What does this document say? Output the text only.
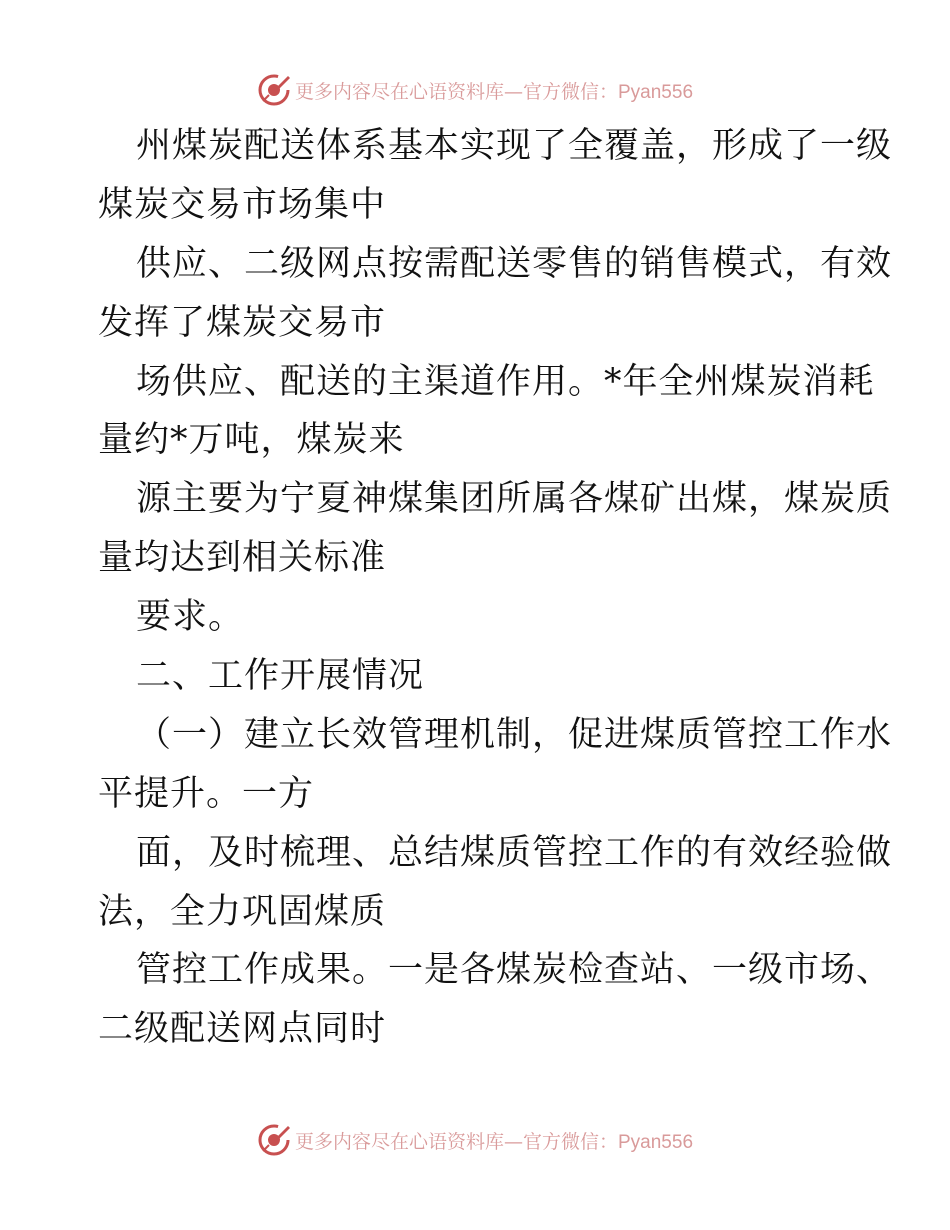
更多内容尽在心语资料库—官方微信：Pyan556
州煤炭配送体系基本实现了全覆盖，形成了一级
煤炭交易市场集中
供应、二级网点按需配送零售的销售模式，有效
发挥了煤炭交易市
场供应、配送的主渠道作用。*年全州煤炭消耗
量约*万吨，煤炭来
源主要为宁夏神煤集团所属各煤矿出煤，煤炭质
量均达到相关标准
要求。
二、工作开展情况
（一）建立长效管理机制，促进煤质管控工作水
平提升。一方
面，及时梳理、总结煤质管控工作的有效经验做
法，全力巩固煤质
管控工作成果。一是各煤炭检查站、一级市场、
二级配送网点同时
更多内容尽在心语资料库—官方微信：Pyan556
